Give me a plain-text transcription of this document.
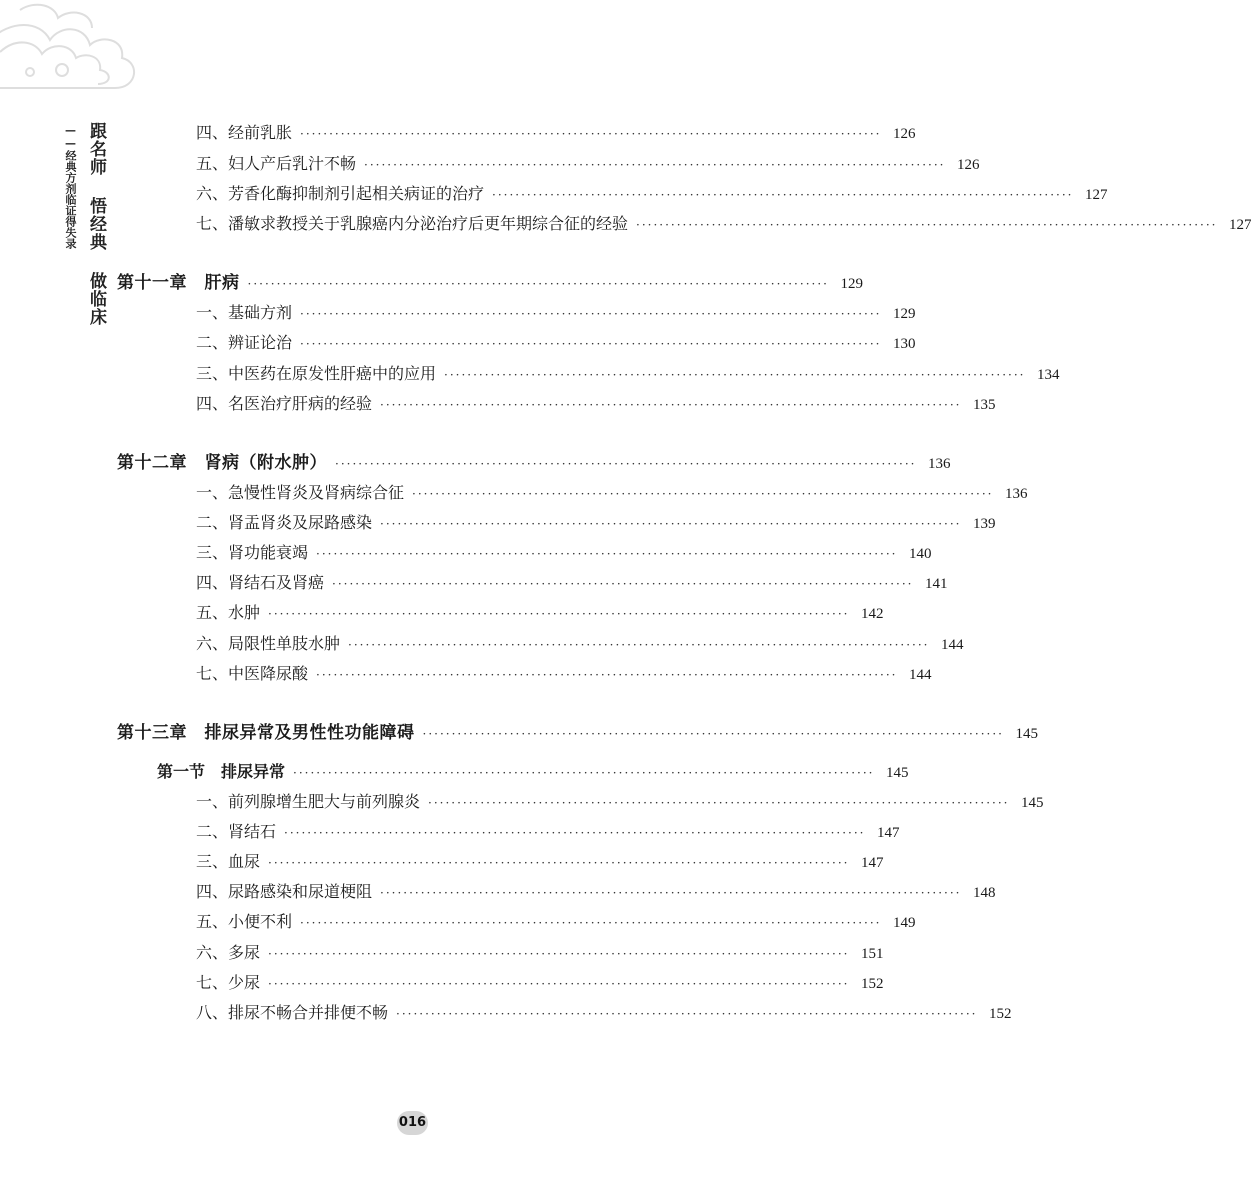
跟名师 悟经典 做临床
——经典方剂临证得失录	四、经前乳胀 ···································································································· 126
五、妇人产后乳汁不畅 ···································································································· 126
六、芳香化酶抑制剂引起相关病证的治疗 ···································································································· 127
七、潘敏求教授关于乳腺癌内分泌治疗后更年期综合征的经验 ···································································································· 127
第十一章　肝病 ···································································································· 129
一、基础方剂 ···································································································· 129
二、辨证论治 ···································································································· 130
三、中医药在原发性肝癌中的应用 ···································································································· 134
四、名医治疗肝病的经验 ···································································································· 135
第十二章　肾病（附水肿） ···································································································· 136
一、急慢性肾炎及肾病综合征 ···································································································· 136
二、肾盂肾炎及尿路感染 ···································································································· 139
三、肾功能衰竭 ···································································································· 140
四、肾结石及肾癌 ···································································································· 141
五、水肿 ···································································································· 142
六、局限性单肢水肿 ···································································································· 144
七、中医降尿酸 ···································································································· 144
第十三章　排尿异常及男性性功能障碍 ···································································································· 145
第一节　排尿异常 ···································································································· 145
一、前列腺增生肥大与前列腺炎 ···································································································· 145
二、肾结石 ···································································································· 147
三、血尿 ···································································································· 147
四、尿路感染和尿道梗阻 ···································································································· 148
五、小便不利 ···································································································· 149
六、多尿 ···································································································· 151
七、少尿 ···································································································· 152
八、排尿不畅合并排便不畅 ···································································································· 152
016
